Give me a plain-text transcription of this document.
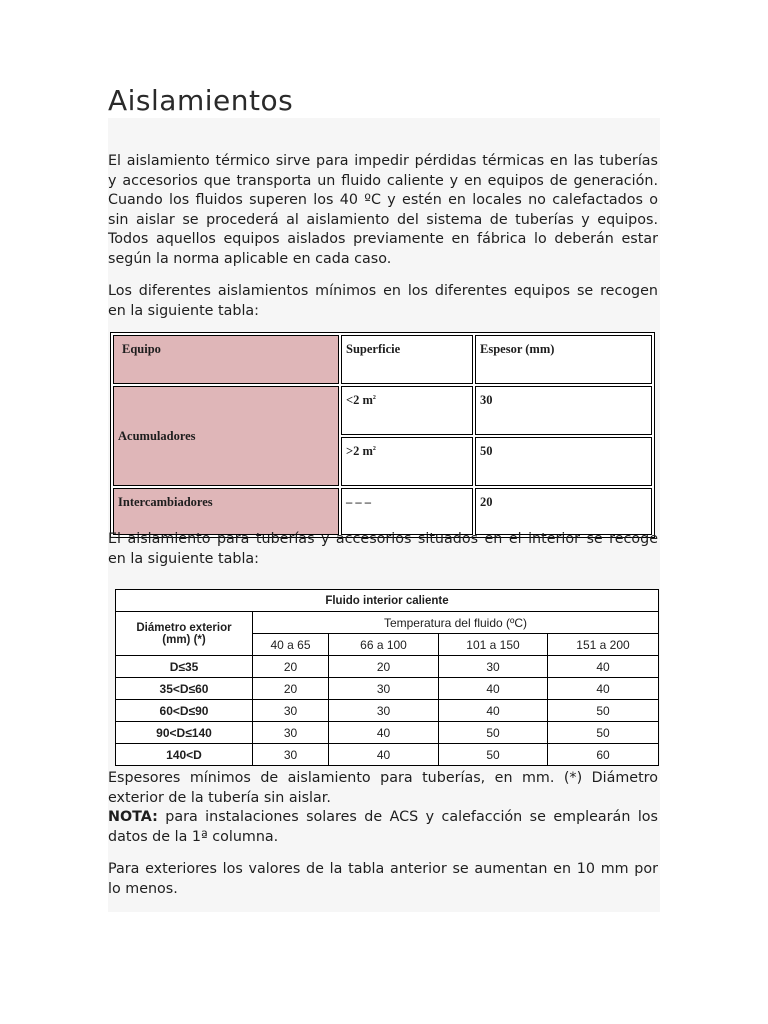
Aislamientos
El aislamiento térmico sirve para impedir pérdidas térmicas en las tuberías y accesorios que transporta un fluido caliente y en equipos de generación. Cuando los fluidos superen los 40 ºC y estén en locales no calefactados o sin aislar se procederá al aislamiento del sistema de tuberías y equipos. Todos aquellos equipos aislados previamente en fábrica lo deberán estar según la norma aplicable en cada caso.
Los diferentes aislamientos mínimos en los diferentes equipos se recogen en la siguiente tabla:
Equipo	Superficie	Espesor (mm)
Acumuladores	<2 $m^2$	30
	>2 $m^2$	50
Intercambiadores	– – –	20
El aislamiento para tuberías y accesorios situados en el interior se recoge en la siguiente tabla:
Fluido interior caliente				

Diámetro exterior
(mm) (*)	Temperatura del fluido (ºC)			
	40 a 65	66 a 100	101 a 150	151 a 200
D≤35	20	20	30	40
35<D≤60	20	30	40	40
60<D≤90	30	30	40	50
90<D≤140	30	40	50	50
140<D	30	40	50	60
Espesores mínimos de aislamiento para tuberías, en mm. (*) Diámetro exterior de la tubería sin aislar.
NOTA: para instalaciones solares de ACS y calefacción se emplearán los datos de la 1ª columna.
Para exteriores los valores de la tabla anterior se aumentan en 10 mm por lo menos.
